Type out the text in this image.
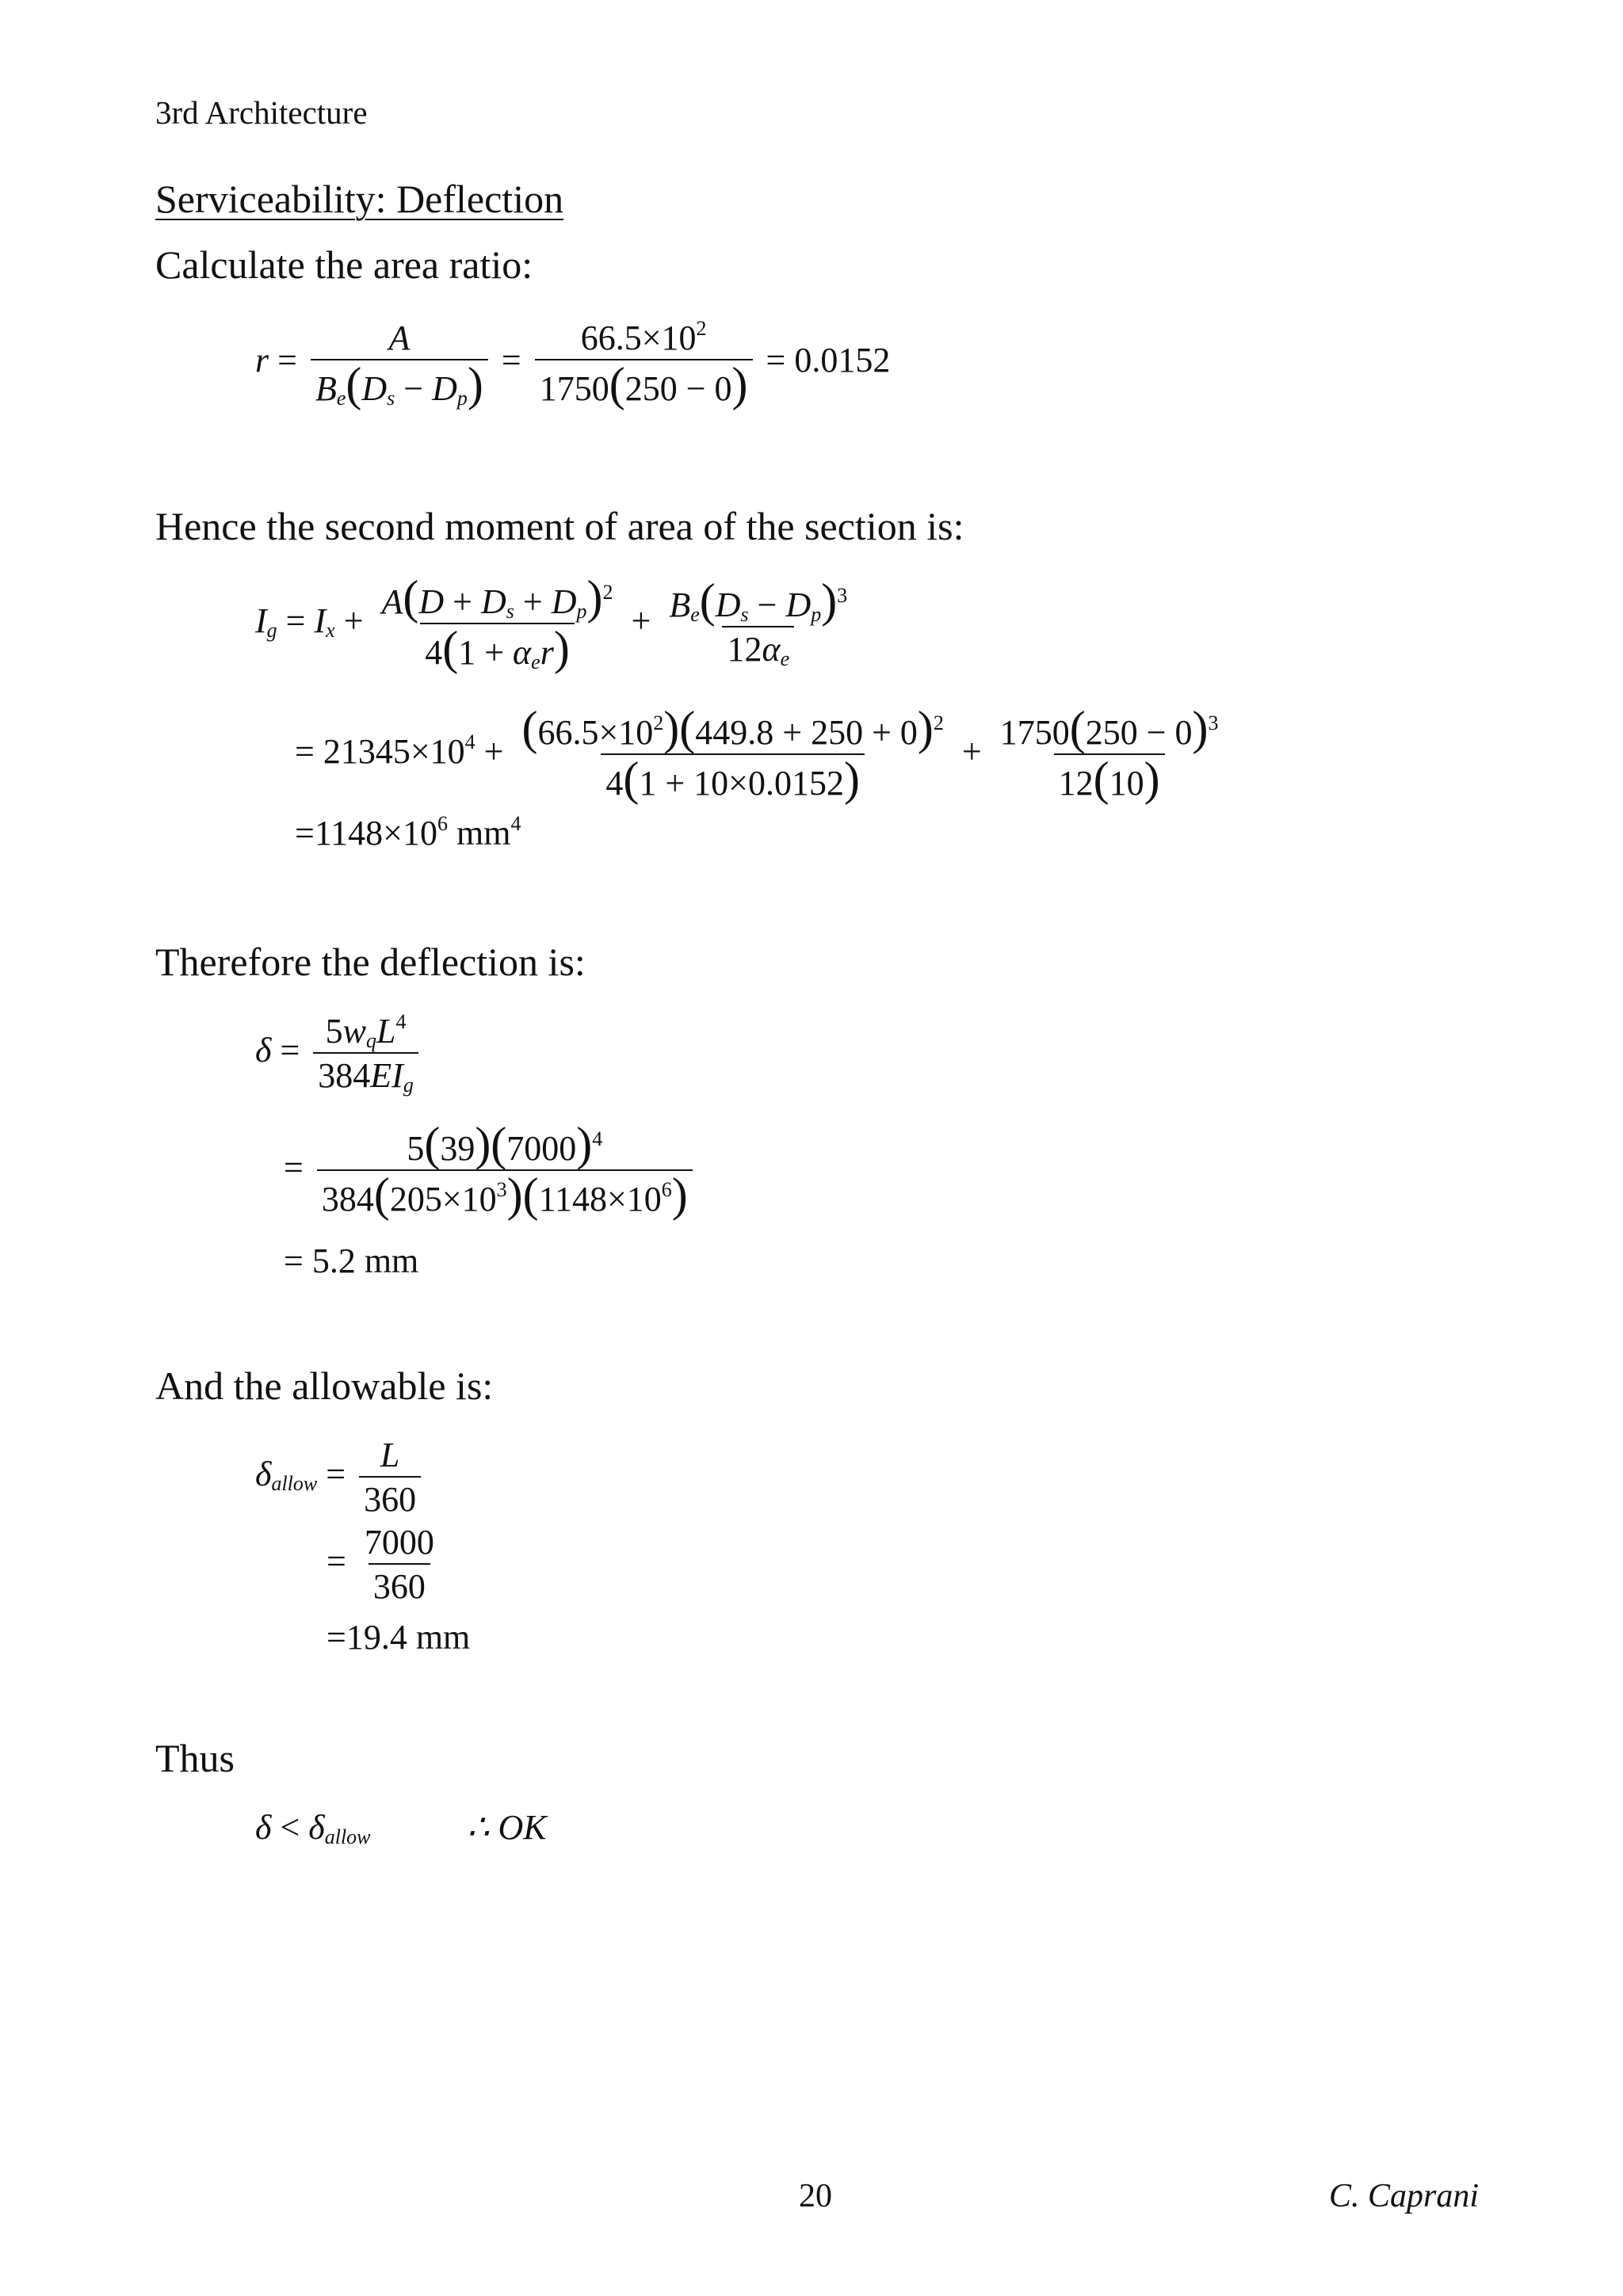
3rd Architecture
Serviceability: Deflection
Calculate the area ratio:
$r = \frac{A}{B_e(D_s - D_p)} = \frac{66.5\times 10^2}{1750(250 - 0)} = 0.0152$
Hence the second moment of area of the section is:
$I_g = I_x + \frac{A(D + D_s + D_p)^2}{4(1 + \alpha_er)} + \frac{B_e(D_s - D_p)^3}{12\alpha_e}$
= $21345\times 10^4 + \frac{(66.5\times 10^2)(449.8 + 250 + 0)^2}{4(1 + 10\times 0.0152)} + \frac{1750(250 - 0)^3}{12(10)}$
$=1148\times 10^6$ $mm^4$
Therefore the deflection is:
$\delta = \frac{5w_qL^4}{384EI_g}$
= $\frac{5(39)(7000)^4}{384(205\times 10^3)(1148\times 10^6)}$
= 5.2 mm
And the allowable is:
$\delta_{allow} = \frac{L}{360}$
= $\frac{7000}{360}$
=19.4 mm
Thus
$\delta < \delta_{allow}$	∴ OK
20	C. Caprani
